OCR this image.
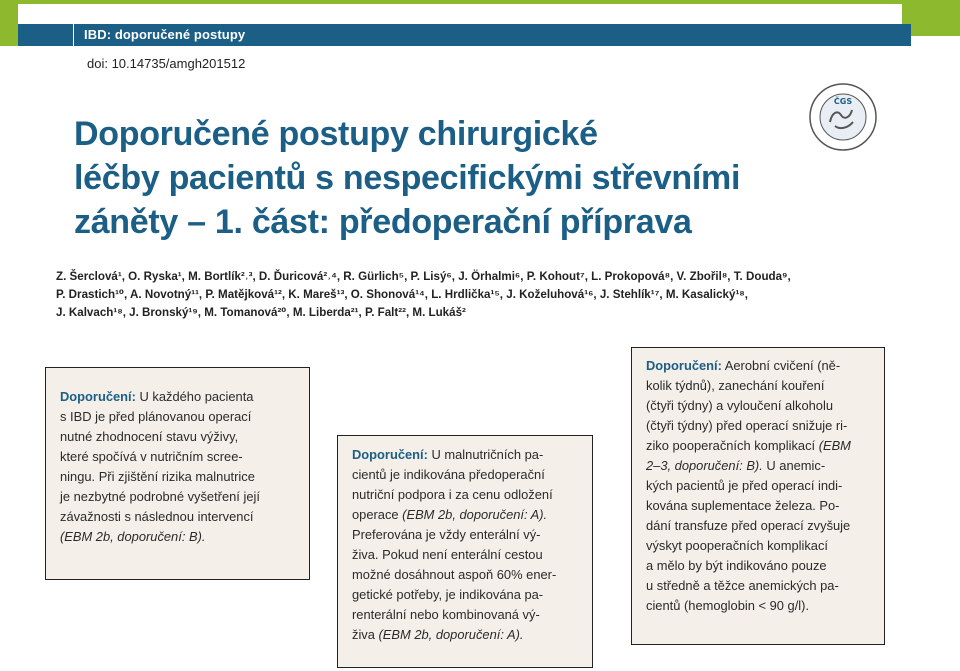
IBD: doporučené postupy
doi: 10.14735/amgh201512
ČGS
Doporučené postupy chirurgické
léčby pacientů s nespecifickými střevními
záněty – 1. část: předoperační příprava
Z. Šerclová¹, O. Ryska¹, M. Bortlík²˒³, D. Ďuricová²˒⁴, R. Gürlich⁵, P. Lisý⁶, J. Örhalmi⁶, P. Kohout⁷, L. Prokopová⁸, V. Zbořil⁸, T. Douda⁹,
P. Drastich¹⁰, A. Novotný¹¹, P. Matějková¹², K. Mareš¹³, O. Shonová¹⁴, L. Hrdlička¹⁵, J. Koželuhová¹⁶, J. Stehlík¹⁷, M. Kasalický¹⁸,
J. Kalvach¹⁸, J. Bronský¹⁹, M. Tomanová²⁰, M. Liberda²¹, P. Falt²², M. Lukáš²
Doporučení: U každého pacienta
s IBD je před plánovanou operací
nutné zhodnocení stavu výživy,
které spočívá v nutričním scree-
ningu. Při zjištění rizika malnutrice
je nezbytné podrobné vyšetření její
závažnosti s následnou intervencí
(EBM 2b, doporučení: B).
Doporučení: U malnutričních pa-
cientů je indikována předoperační
nutriční podpora i za cenu odložení
operace (EBM 2b, doporučení: A).
Preferována je vždy enterální vý-
živa. Pokud není enterální cestou
možné dosáhnout aspoň 60% ener-
getické potřeby, je indikována pa-
renterální nebo kombinovaná vý-
živa (EBM 2b, doporučení: A).
Doporučení: Aerobní cvičení (ně-
kolik týdnů), zanechání kouření
(čtyři týdny) a vyloučení alkoholu
(čtyři týdny) před operací snižuje ri-
ziko pooperačních komplikací (EBM
2–3, doporučení: B). U anemic-
kých pacientů je před operací indi-
kována suplementace železa. Po-
dání transfuze před operací zvyšuje
výskyt pooperačních komplikací
a mělo by být indikováno pouze
u středně a těžce anemických pa-
cientů (hemoglobin < 90 g/l).
